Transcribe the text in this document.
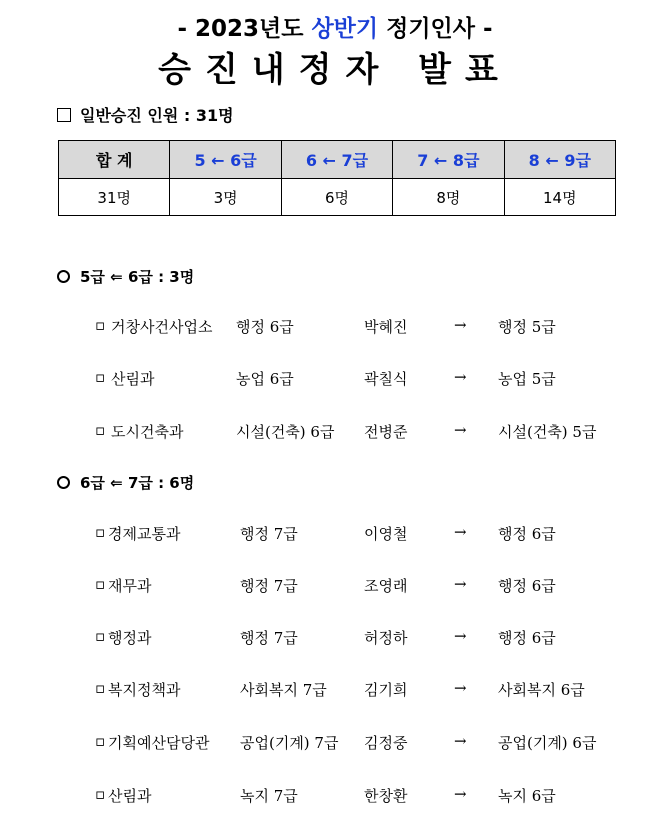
- 2023년도 상반기 정기인사 -
승진내정자 발표
일반승진 인원 : 31명
합 계	5 ← 6급	6 ← 7급	7 ← 8급	8 ← 9급
31명	3명	6명	8명	14명
5급 ⇐ 6급 : 3명
▫ 거창사건사업소 행정 6급	박혜진	→ 행정 5급
▫ 산림과	농업 6급	곽칠식	→ 농업 5급
▫ 도시건축과	시설(건축) 6급 전병준	→ 시설(건축) 5급
6급 ⇐ 7급 : 6명
▫ 경제교통과	행정 7급	이영철	→ 행정 6급
▫ 재무과	행정 7급	조영래	→ 행정 6급
▫ 행정과	행정 7급	허정하	→ 행정 6급
▫ 복지정책과	사회복지 7급 김기희	→ 사회복지 6급
▫ 기획예산담당관 공업(기계) 7급 김정중	→ 공업(기계) 6급
▫ 산림과	녹지 7급	한창환	→ 녹지 6급
